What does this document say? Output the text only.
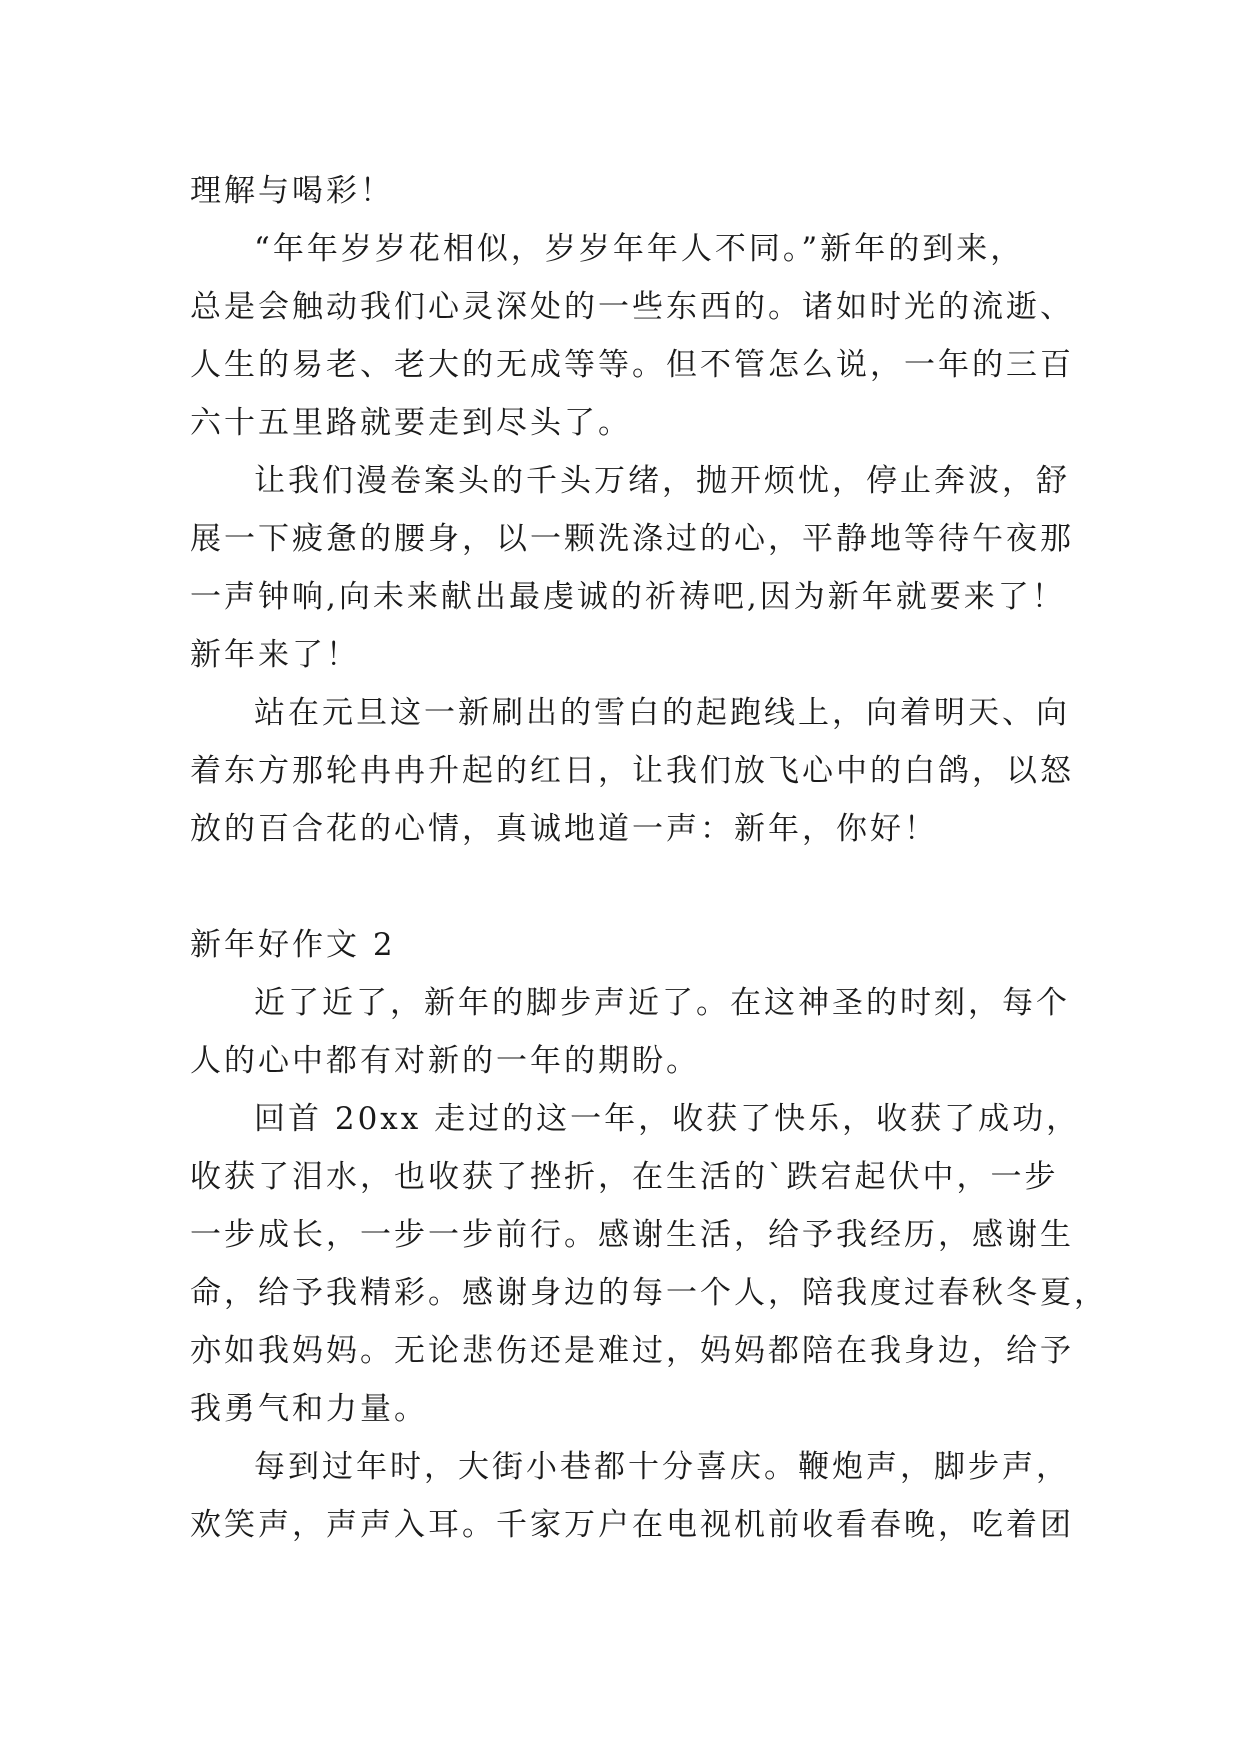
理解与喝彩！
“年年岁岁花相似，岁岁年年人不同。”新年的到来，
总是会触动我们心灵深处的一些东西的。诸如时光的流逝、
人生的易老、老大的无成等等。但不管怎么说，一年的三百
六十五里路就要走到尽头了。
让我们漫卷案头的千头万绪，抛开烦忧，停止奔波，舒
展一下疲惫的腰身，以一颗洗涤过的心，平静地等待午夜那
一声钟响,向未来献出最虔诚的祈祷吧,因为新年就要来了！
新年来了！
站在元旦这一新刷出的雪白的起跑线上，向着明天、向
着东方那轮冉冉升起的红日，让我们放飞心中的白鸽，以怒
放的百合花的心情，真诚地道一声：新年，你好！
新年好作文 2
近了近了，新年的脚步声近了。在这神圣的时刻，每个
人的心中都有对新的一年的期盼。
回首 20xx 走过的这一年，收获了快乐，收获了成功，
收获了泪水，也收获了挫折，在生活的`跌宕起伏中，一步
一步成长，一步一步前行。感谢生活，给予我经历，感谢生
命，给予我精彩。感谢身边的每一个人，陪我度过春秋冬夏，
亦如我妈妈。无论悲伤还是难过，妈妈都陪在我身边，给予
我勇气和力量。
每到过年时，大街小巷都十分喜庆。鞭炮声，脚步声，
欢笑声，声声入耳。千家万户在电视机前收看春晚，吃着团
